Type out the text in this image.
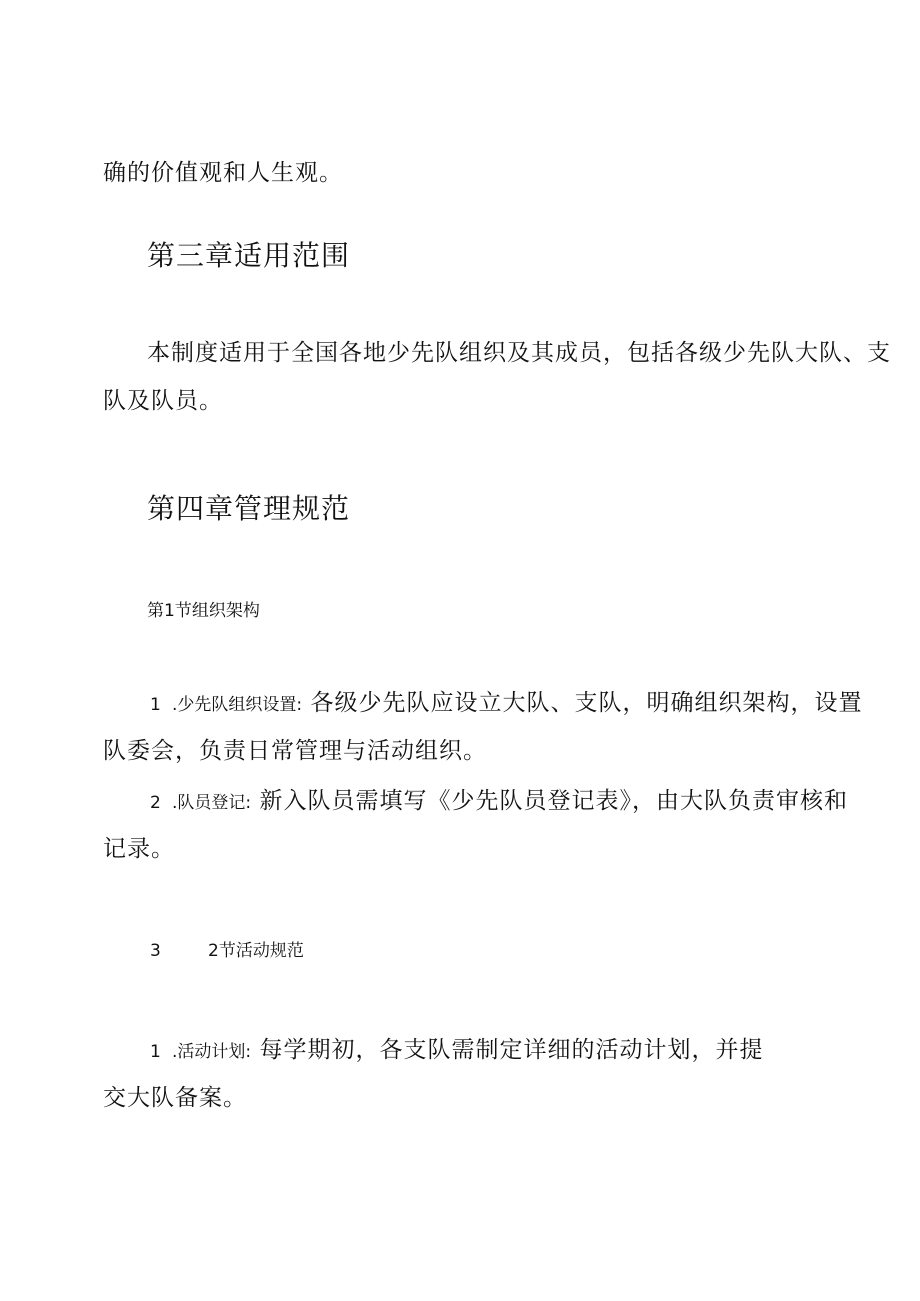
确的价值观和人生观。

第三章适用范围

本制度适用于全国各地少先队组织及其成员，包括各级少先队大队、支

队及队员。

第四章管理规范
第1节组织架构

1 .少先队组织设置: 各级少先队应设立大队、支队，明确组织架构，设置

队委会，负责日常管理与活动组织。

2 .队员登记: 新入队员需填写《少先队员登记表》，由大队负责审核和

记录。

3	2节活动规范

1 .活动计划: 每学期初，各支队需制定详细的活动计划，并提

交大队备案。
